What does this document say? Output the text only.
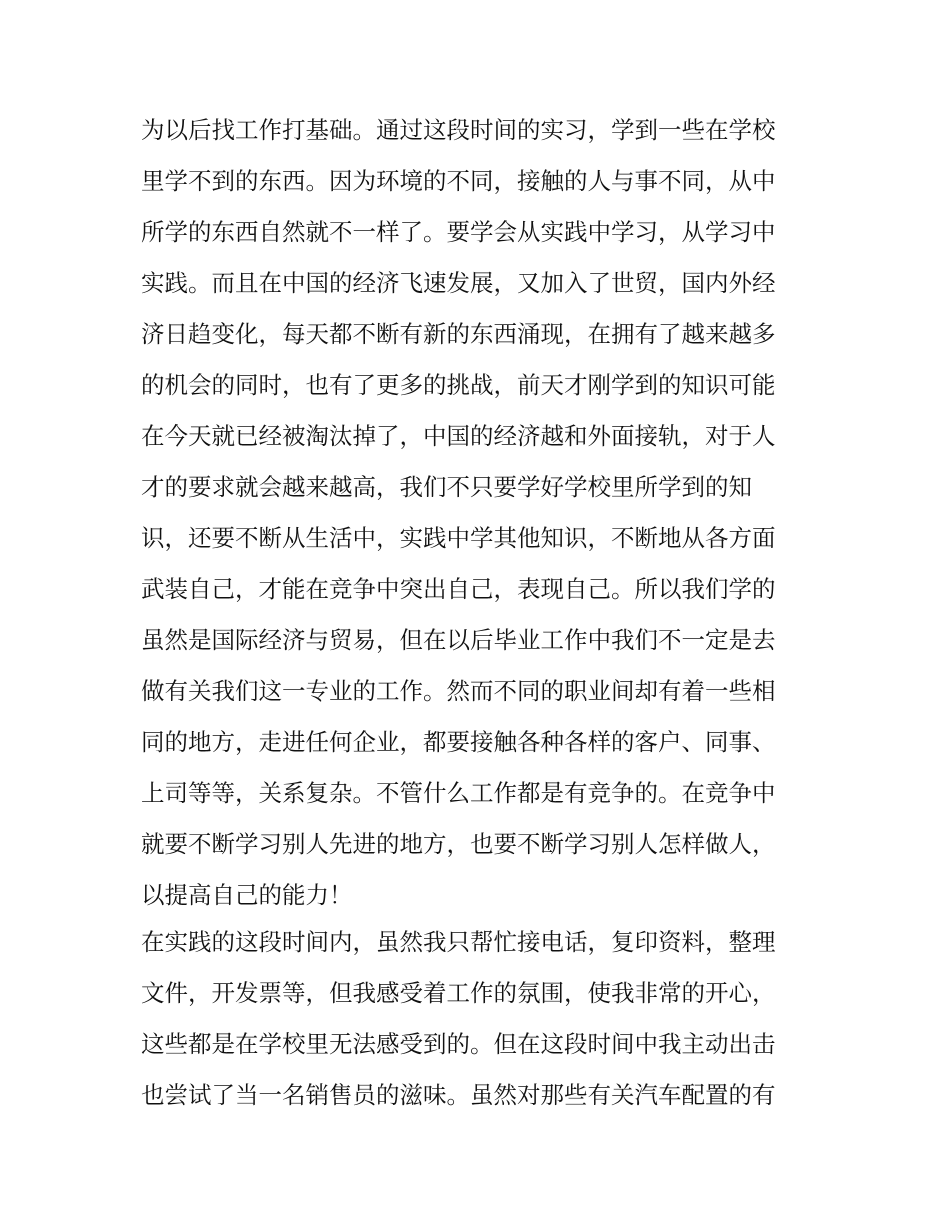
为以后找工作打基础。通过这段时间的实习，学到一些在学校
里学不到的东西。因为环境的不同，接触的人与事不同，从中
所学的东西自然就不一样了。要学会从实践中学习，从学习中
实践。而且在中国的经济飞速发展，又加入了世贸，国内外经
济日趋变化，每天都不断有新的东西涌现，在拥有了越来越多
的机会的同时，也有了更多的挑战，前天才刚学到的知识可能
在今天就已经被淘汰掉了，中国的经济越和外面接轨，对于人
才的要求就会越来越高，我们不只要学好学校里所学到的知
识，还要不断从生活中，实践中学其他知识，不断地从各方面
武装自己，才能在竞争中突出自己，表现自己。所以我们学的
虽然是国际经济与贸易，但在以后毕业工作中我们不一定是去
做有关我们这一专业的工作。然而不同的职业间却有着一些相
同的地方，走进任何企业，都要接触各种各样的客户、同事、
上司等等，关系复杂。不管什么工作都是有竞争的。在竞争中
就要不断学习别人先进的地方，也要不断学习别人怎样做人，
以提高自己的能力！
在实践的这段时间内，虽然我只帮忙接电话，复印资料，整理
文件，开发票等，但我感受着工作的氛围，使我非常的开心，
这些都是在学校里无法感受到的。但在这段时间中我主动出击
也尝试了当一名销售员的滋味。虽然对那些有关汽车配置的有
